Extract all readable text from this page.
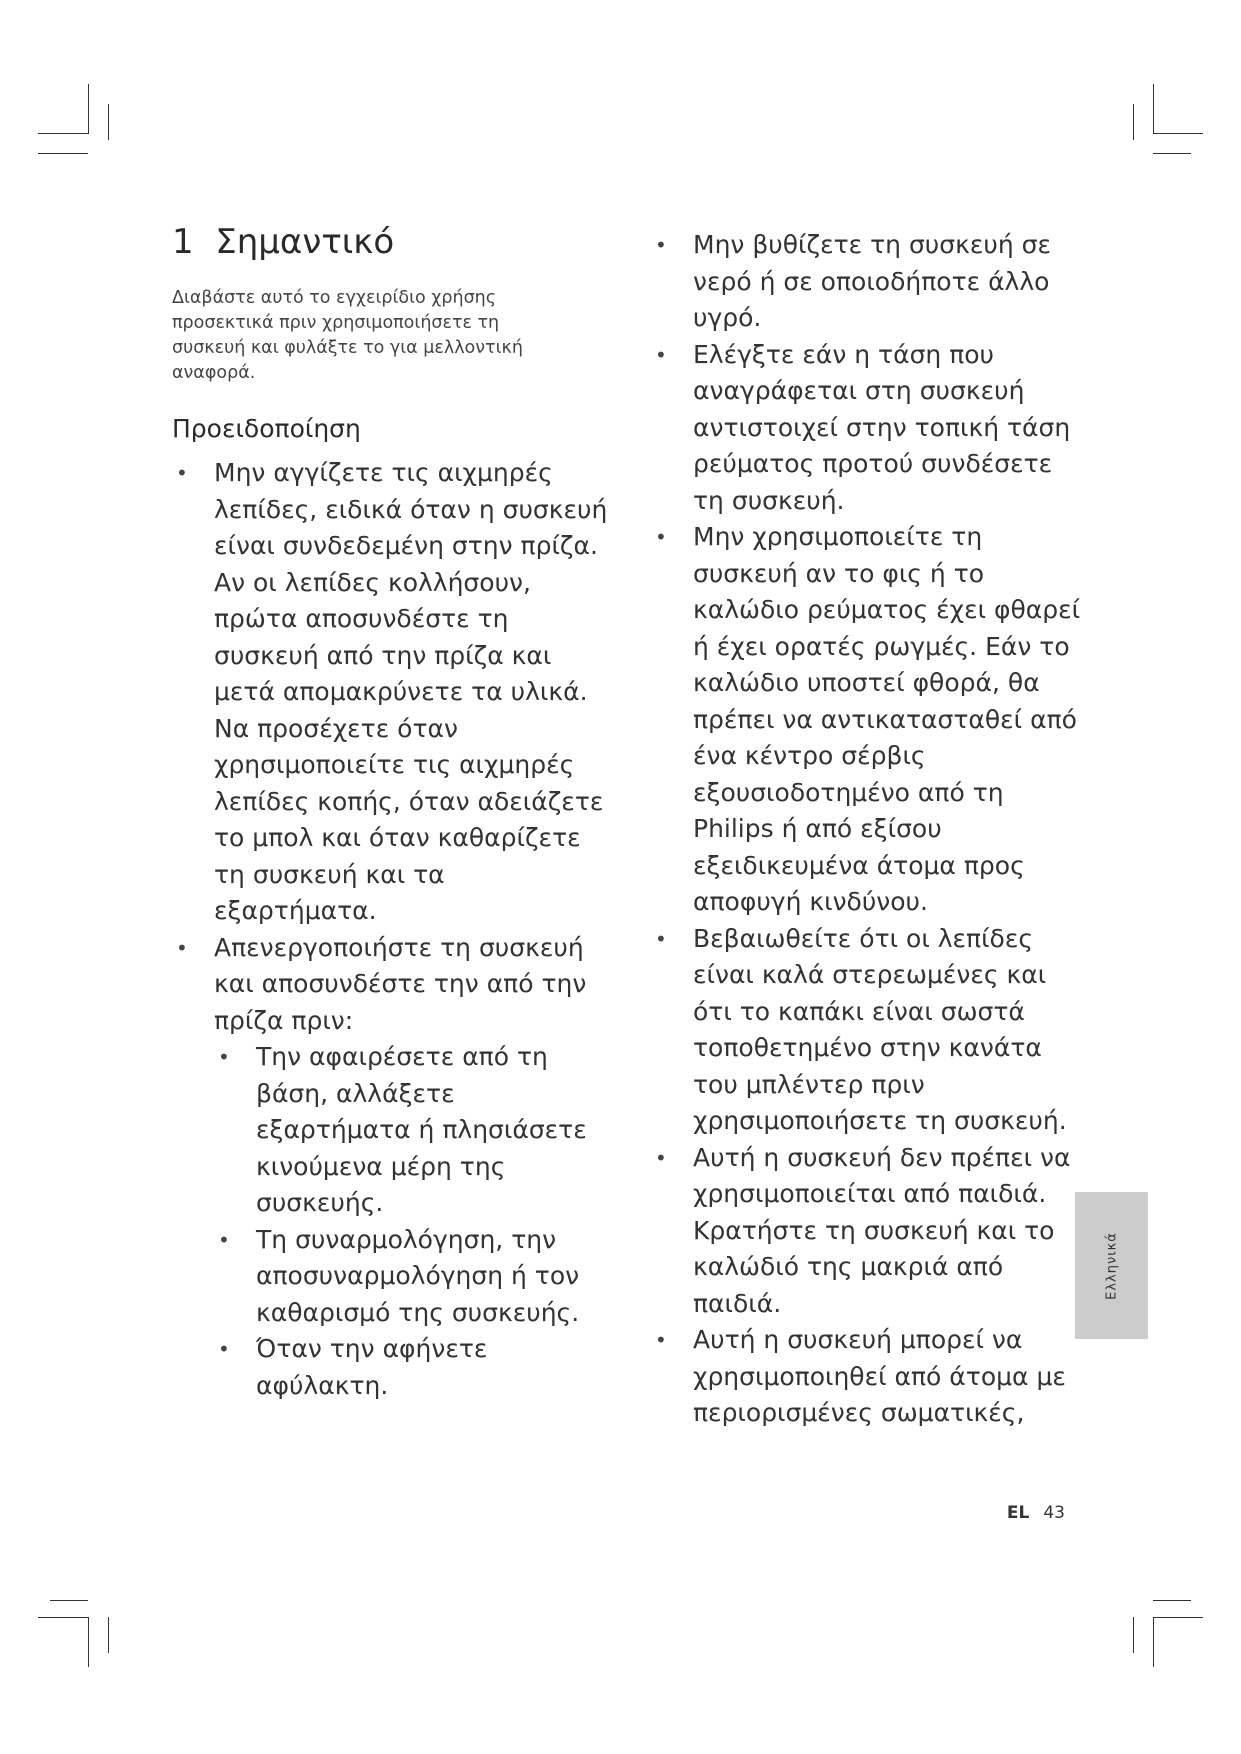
1 Σημαντικό

Διαβάστε αυτό το εγχειρίδιο χρήσης προσεκτικά πριν χρησιμοποιήσετε τη συσκευή και φυλάξτε το για μελλοντική αναφορά.

Προειδοποίηση
• Μην αγγίζετε τις αιχμηρές λεπίδες, ειδικά όταν η συσκευή είναι συνδεδεμένη στην πρίζα.
Αν οι λεπίδες κολλήσουν, πρώτα αποσυνδέστε τη συσκευή από την πρίζα και μετά απομακρύνετε τα υλικά. Να προσέχετε όταν χρησιμοποιείτε τις αιχμηρές λεπίδες κοπής, όταν αδειάζετε το μπολ και όταν καθαρίζετε τη συσκευή και τα εξαρτήματα.
• Απενεργοποιήστε τη συσκευή και αποσυνδέστε την από την πρίζα πριν:
• Την αφαιρέσετε από τη βάση, αλλάξετε εξαρτήματα ή πλησιάσετε κινούμενα μέρη της συσκευής.
• Τη συναρμολόγηση, την αποσυναρμολόγηση ή τον καθαρισμό της συσκευής.
• Όταν την αφήνετε αφύλακτη.
• Μην βυθίζετε τη συσκευή σε νερό ή σε οποιοδήποτε άλλο υγρό.
• Ελέγξτε εάν η τάση που αναγράφεται στη συσκευή αντιστοιχεί στην τοπική τάση ρεύματος προτού συνδέσετε τη συσκευή.
• Μην χρησιμοποιείτε τη συσκευή αν το φις ή το καλώδιο ρεύματος έχει φθαρεί ή έχει ορατές ρωγμές. Εάν το καλώδιο υποστεί φθορά, θα πρέπει να αντικατασταθεί από ένα κέντρο σέρβις εξουσιοδοτημένο από τη Philips ή από εξίσου εξειδικευμένα άτομα προς αποφυγή κινδύνου.
• Βεβαιωθείτε ότι οι λεπίδες είναι καλά στερεωμένες και ότι το καπάκι είναι σωστά τοποθετημένο στην κανάτα του μπλέντερ πριν χρησιμοποιήσετε τη συσκευή.
• Αυτή η συσκευή δεν πρέπει να χρησιμοποιείται από παιδιά. Κρατήστε τη συσκευή και το καλώδιό της μακριά από παιδιά.
• Αυτή η συσκευή μπορεί να χρησιμοποιηθεί από άτομα με περιορισμένες σωματικές,
Ελληνικά
EL 43
